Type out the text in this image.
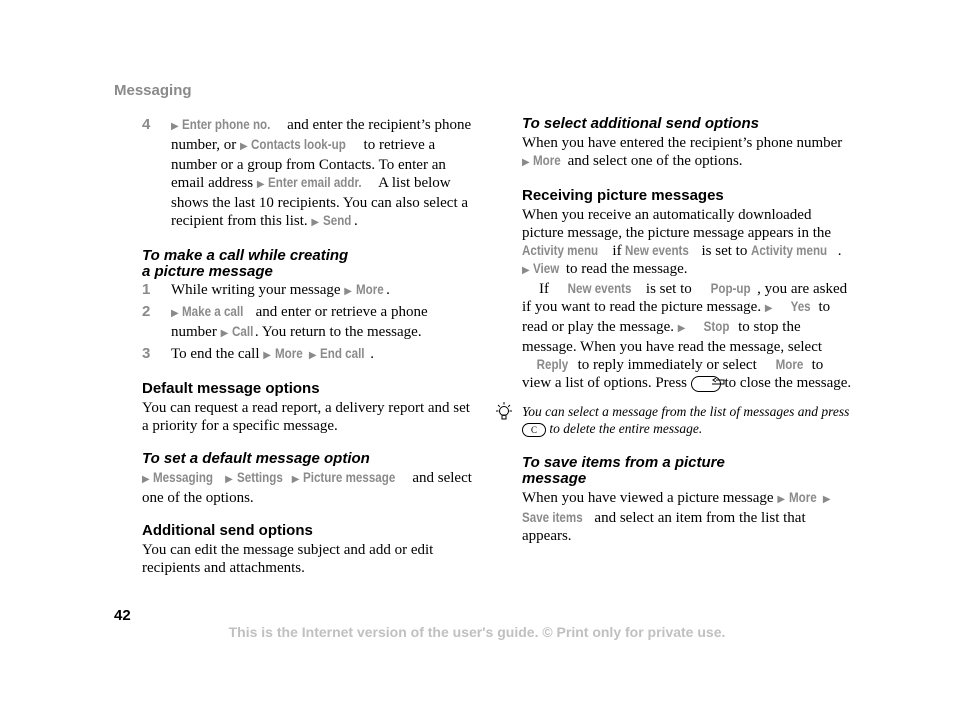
Messaging
4 ▶ Enter phone no. and enter the recipient’s phone number, or ▶ Contacts look-up to retrieve a number or a group from Contacts. To enter an email address ▶ Enter email addr. A list below shows the last 10 recipients. You can also select a recipient from this list. ▶ Send .

To make a call while creating
a picture message

1 While writing your message ▶ More .

2 ▶ Make a call and enter or retrieve a phone number ▶ Call . You return to the message.

3 To end the call ▶ More ▶ End call .

Default message options

You can request a read report, a delivery report and set a priority for a specific message.

To set a default message option

▶ Messaging ▶ Settings ▶ Picture message and select one of the options.

Additional send options

You can edit the message subject and add or edit recipients and attachments.

To select additional send options

When you have entered the recipient’s phone number ▶ More and select one of the options.

Receiving picture messages

When you receive an automatically downloaded picture message, the picture message appears in the Activity menu if New events is set to Activity menu . ▶ View to read the message.

If New events is set to Pop-up , you are asked if you want to read the picture message. ▶ Yes to read or play the message. ▶ Stop to stop the message. When you have read the message, select Reply to reply immediately or select More to view a list of options. Press  to close the message.

You can select a message from the list of messages and press C to delete the entire message.

To save items from a picture
message

When you have viewed a picture message ▶ More ▶ Save items and select an item from the list that appears.

42
This is the Internet version of the user's guide. © Print only for private use.
